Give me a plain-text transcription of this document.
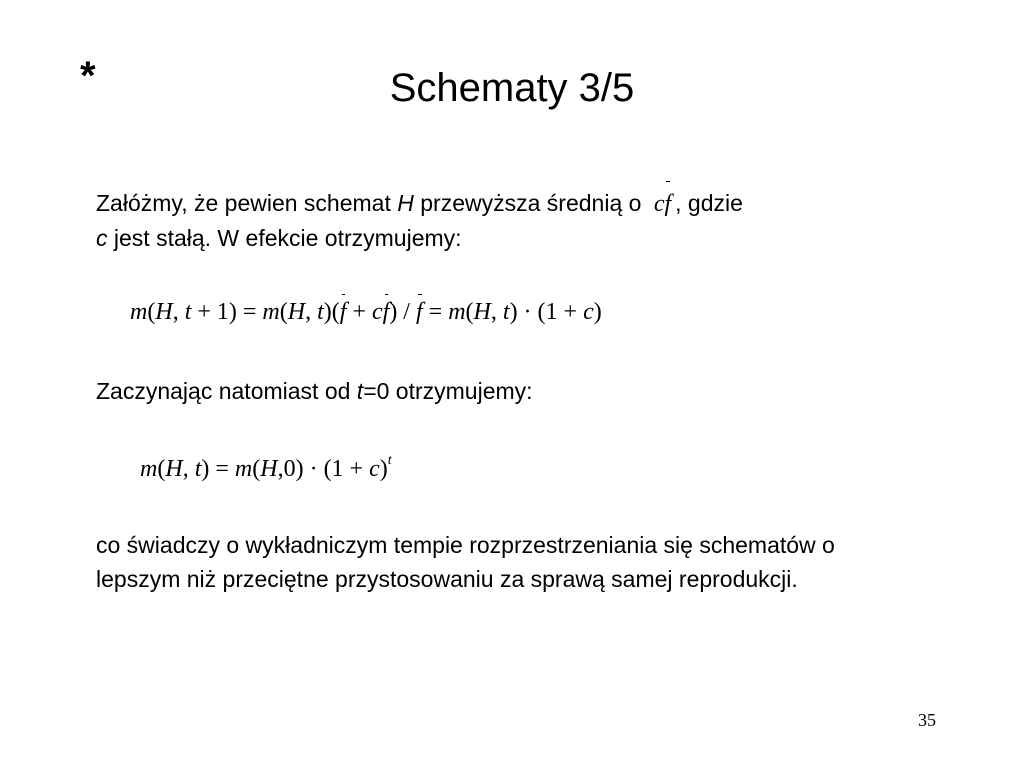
*	Schematy 3/5
Załóżmy, że pewien schemat H przewyższa średnią o cf , gdzie
c jest stałą. W efekcie otrzymujemy:
m(H, t + 1) = m(H, t)(f + cf) / f = m(H, t) · (1 + c)
Zaczynając natomiast od t=0 otrzymujemy:
m(H, $t) = m(H,0) \cdot (1 + c)^t$
co świadczy o wykładniczym tempie rozprzestrzeniania się schematów o lepszym niż przeciętne przystosowaniu za sprawą samej reprodukcji.
35
